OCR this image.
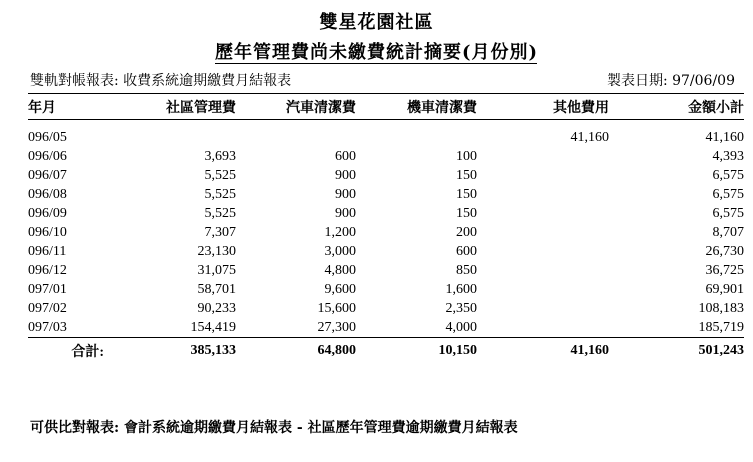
雙星花園社區
歷年管理費尚未繳費統計摘要(月份別)
雙軌對帳報表: 收費系統逾期繳費月結報表	製表日期: 97/06/09
年月	社區管理費	汽車清潔費	機車清潔費	其他費用	金額小計

096/05				41,160	41,160
096/06	3,693	600	100		4,393
096/07	5,525	900	150		6,575
096/08	5,525	900	150		6,575
096/09	5,525	900	150		6,575
096/10	7,307	1,200	200		8,707
096/11	23,130	3,000	600		26,730
096/12	31,075	4,800	850		36,725
097/01	58,701	9,600	1,600		69,901
097/02	90,233	15,600	2,350		108,183
097/03	154,419	27,300	4,000		185,719
合計:	385,133	64,800	10,150	41,160	501,243
可供比對報表: 會計系統逾期繳費月結報表 - 社區歷年管理費逾期繳費月結報表
